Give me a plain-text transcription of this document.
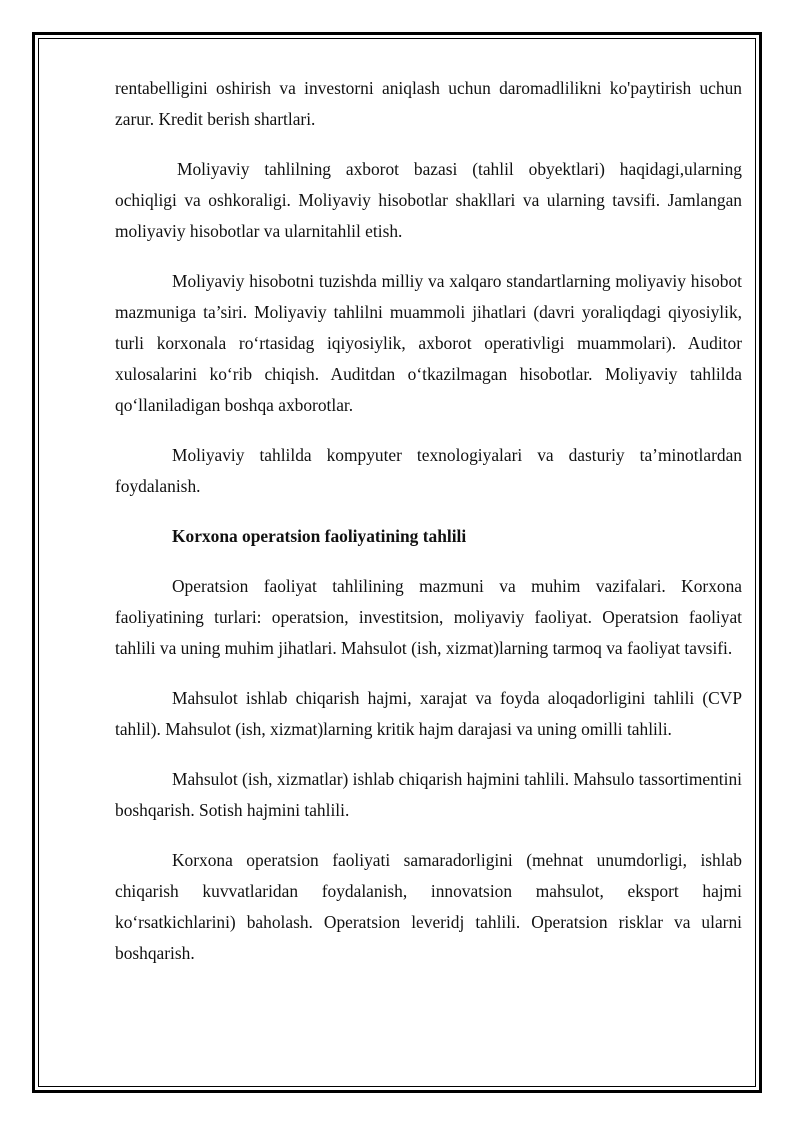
rentabelligini oshirish va investorni aniqlash uchun daromadlilikni ko'paytirish uchun zarur. Kredit berish shartlari.

Moliyaviy tahlilning axborot bazasi (tahlil obyektlari) haqidagi,ularning ochiqligi va oshkoraligi. Moliyaviy hisobotlar shakllari va ularning tavsifi. Jamlangan moliyaviy hisobotlar va ularnitahlil etish.

Moliyaviy hisobotni tuzishda milliy va xalqaro standartlarning moliyaviy hisobot mazmuniga ta’siri. Moliyaviy tahlilni muammoli jihatlari (davri yoraliqdagi qiyosiylik, turli korxonala ro‘rtasidag iqiyosiylik, axborot operativligi muammolari). Auditor xulosalarini ko‘rib chiqish. Auditdan o‘tkazilmagan hisobotlar. Moliyaviy tahlilda qo‘llaniladigan boshqa axborotlar.

Moliyaviy tahlilda kompyuter texnologiyalari va dasturiy ta’minotlardan foydalanish.

Korxona operatsion faoliyatining tahlili

Operatsion faoliyat tahlilining mazmuni va muhim vazifalari. Korxona faoliyatining turlari: operatsion, investitsion, moliyaviy faoliyat. Operatsion faoliyat tahlili va uning muhim jihatlari. Mahsulot (ish, xizmat)larning tarmoq va faoliyat tavsifi.

Mahsulot ishlab chiqarish hajmi, xarajat va foyda aloqadorligini tahlili (CVP tahlil). Mahsulot (ish, xizmat)larning kritik hajm darajasi va uning omilli tahlili.

Mahsulot (ish, xizmatlar) ishlab chiqarish hajmini tahlili. Mahsulo tassortimentini boshqarish. Sotish hajmini tahlili.

Korxona operatsion faoliyati samaradorligini (mehnat unumdorligi, ishlab chiqarish kuvvatlaridan foydalanish, innovatsion mahsulot, eksport hajmi ko‘rsatkichlarini) baholash. Operatsion leveridj tahlili. Operatsion risklar va ularni boshqarish.
